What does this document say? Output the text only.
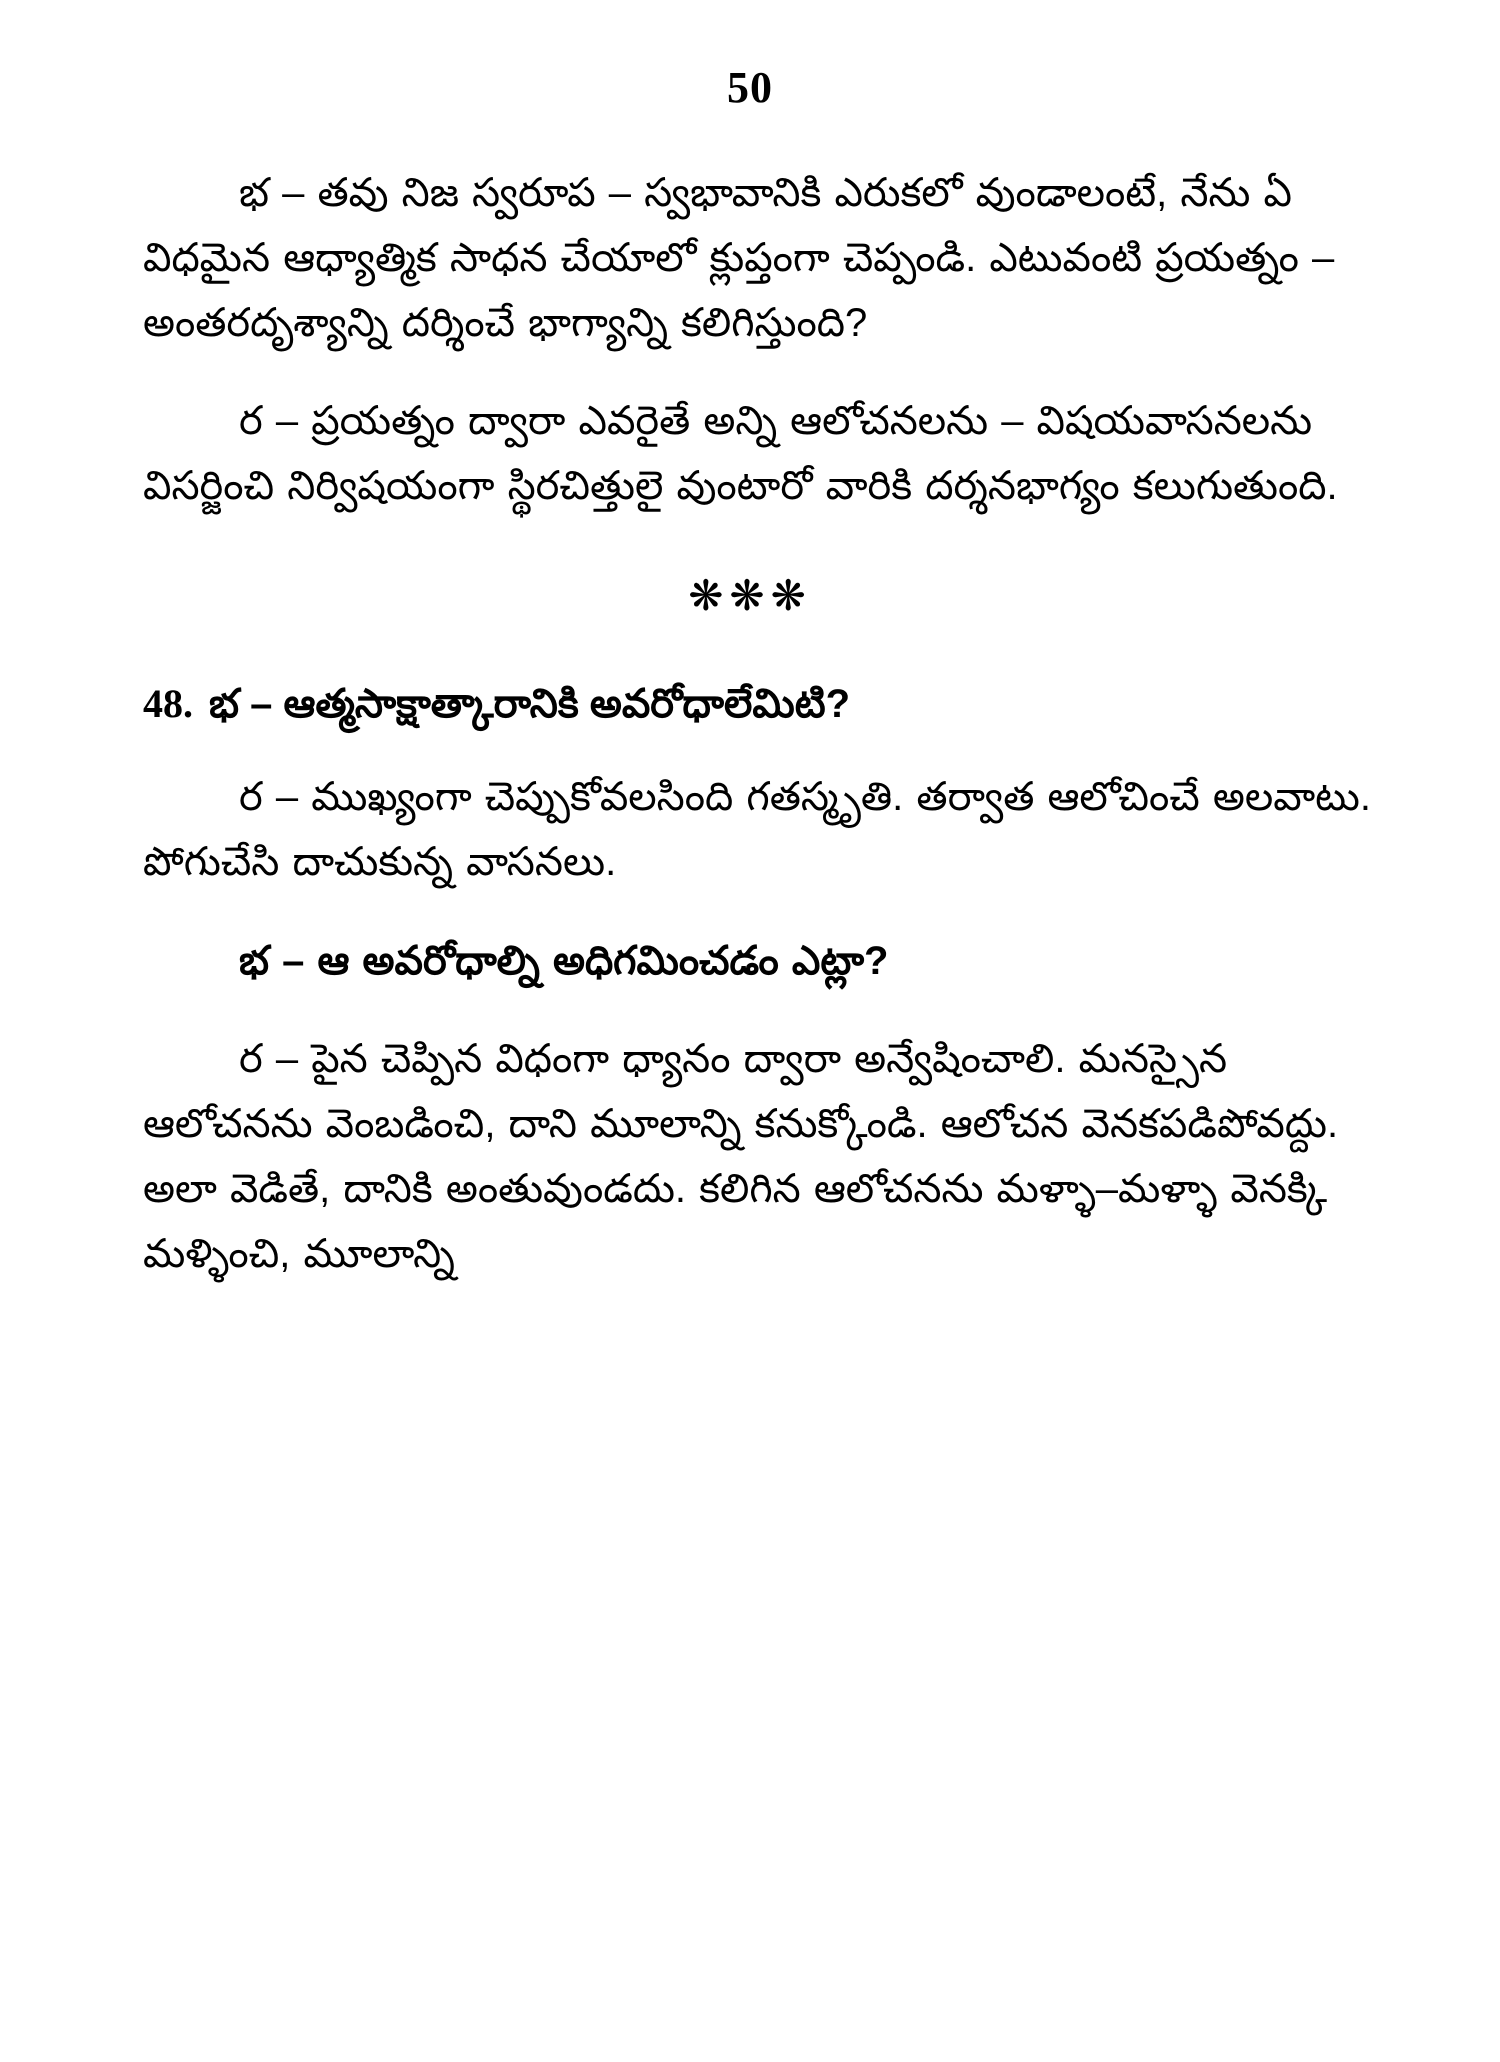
50

భ – తవు నిజ స్వరూప – స్వభావానికి ఎరుకలో వుండాలంటే, నేను ఏ విధమైన ఆధ్యాత్మిక సాధన చేయాలో క్లుప్తంగా చెప్పండి. ఎటువంటి ప్రయత్నం – అంతరదృశ్యాన్ని దర్శించే భాగ్యాన్ని కలిగిస్తుంది?

ర – ప్రయత్నం ద్వారా ఎవరైతే అన్ని ఆలోచనలను – విషయవాసనలను విసర్జించి నిర్విషయంగా స్థిరచిత్తులై వుంటారో వారికి దర్శనభాగ్యం కలుగుతుంది.

❋❋❋

48. భ – ఆత్మసాక్షాత్కారానికి అవరోధాలేమిటి?

ర – ముఖ్యంగా చెప్పుకోవలసింది గతస్మృతి. తర్వాత ఆలోచించే అలవాటు. పోగుచేసి దాచుకున్న వాసనలు.

భ – ఆ అవరోధాల్ని అధిగమించడం ఎట్లా?

ర – పైన చెప్పిన విధంగా ధ్యానం ద్వారా అన్వేషించాలి. మనస్సైన ఆలోచనను వెంబడించి, దాని మూలాన్ని కనుక్కోండి. ఆలోచన వెనకపడిపోవద్దు. అలా వెడితే, దానికి అంతువుండదు. కలిగిన ఆలోచనను మళ్ళా–మళ్ళా వెనక్కి మళ్ళించి, మూలాన్ని
